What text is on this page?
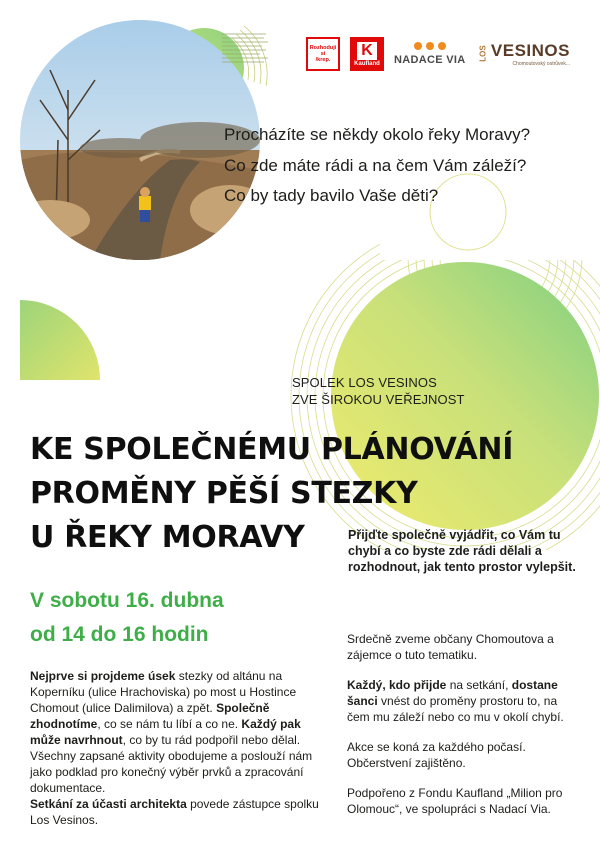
Rozhoduji
si
/krep.
K
Kaufland NADACE VIA LOS VESINOS
Chomoutovský ostrůvek...
Procházíte se někdy okolo řeky Moravy?
Co zde máte rádi a na čem Vám záleží?
Co by tady bavilo Vaše děti?
SPOLEK LOS VESINOS
ZVE ŠIROKOU VEŘEJNOST
KE SPOLEČNÉMU PLÁNOVÁNÍ
PROMĚNY PĚŠÍ STEZKY
U ŘEKY MORAVY	Přijďte společně vyjádřit, co Vám tu chybí a co byste zde rádi dělali a rozhodnout, jak tento prostor vylepšit.
V sobotu 16. dubna
od 14 do 16 hodin
Nejprve si projdeme úsek stezky od altánu na Koperníku (ulice Hrachoviska) po most u Hostince Chomout (ulice Dalimilova) a zpět. Společně zhodnotíme, co se nám tu líbí a co ne. Každý pak může navrhnout, co by tu rád podpořil nebo dělal. Všechny zapsané aktivity obodujeme a poslouží nám jako podklad pro konečný výběr prvků a zpracování dokumentace.
Setkání za účasti architekta povede zástupce spolku Los Vesinos.

Srdečně zveme občany Chomoutova a zájemce o tuto tematiku.

Každý, kdo přijde na setkání, dostane šanci vnést do proměny prostoru to, na čem mu záleží nebo co mu v okolí chybí.

Akce se koná za každého počasí. Občerstvení zajištěno.

Podpořeno z Fondu Kaufland „Milion pro Olomouc“, ve spolupráci s Nadací Via.
